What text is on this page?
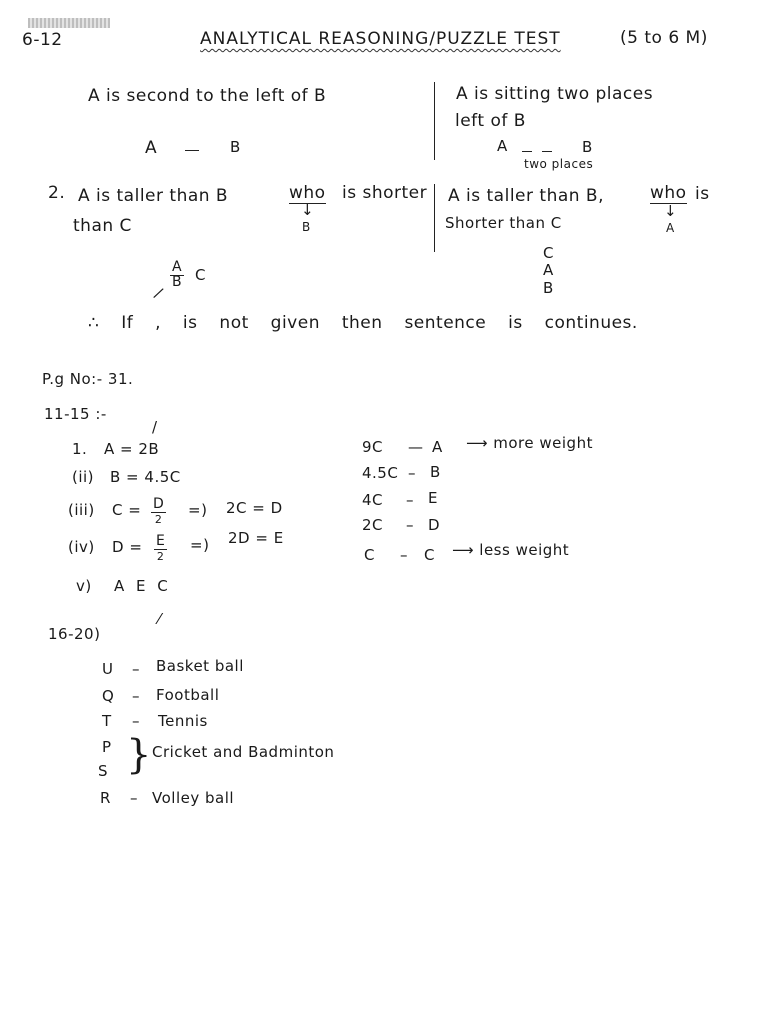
6-12	ANALYTICAL REASONING/PUZZLE TEST	(5 to 6 M)
A is second to the left of B
A	B
A is sitting two places
left of B
A	B
two places
2. A is taller than B	who is shorter
than C
↓
B
A is taller than B,	who is
Shorter than C
↓
A
$\frac{A}{B}$ C
/
C
A
B
∴ If , is not given then sentence is continues.
P.g No:- 31.
11-15 :-
/
1. A = 2B
(ii) B = 4.5C
(iii) C = D
2
=) 2C = D
(iv) D = E
2
=) 2D = E
v) A E C
9C — A ⟶ more weight
4.5C – B
4C – E
2C – D
C – C ⟶ less weight
⁄
16-20)
U – Basket ball
Q – Football
T – Tennis
P
S } Cricket and Badminton
R – Volley ball
